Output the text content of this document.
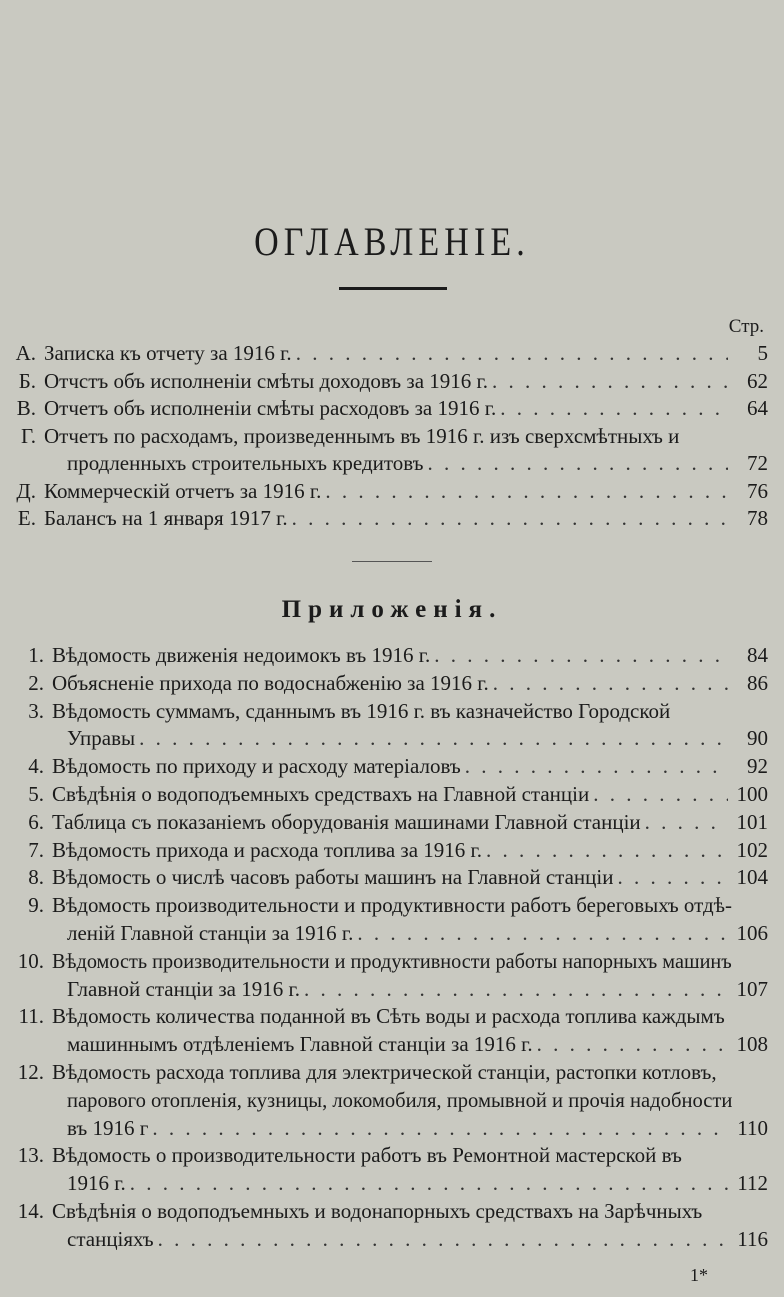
ОГЛАВЛЕНІЕ.
Стр.
А. Записка къ отчету за 1916 г. . . .	5
Б. Отчстъ объ исполненіи смѣты доходовъ за 1916 г. . . .	62
В. Отчетъ объ исполненіи смѣты расходовъ за 1916 г. . . .	64
Г. Отчетъ по расходамъ, произведеннымъ въ 1916 г. изъ сверхсмѣтныхъ и
продленныхъ строительныхъ кредитовъ . . .	72
Д. Коммерческій отчетъ за 1916 г. . . .	76
Е. Балансъ на 1 января 1917 г. . . .	78
Приложенія.
1. Вѣдомость движенія недоимокъ въ 1916 г. . . .	84
2. Объясненіе прихода по водоснабженію за 1916 г. . . .	86
3. Вѣдомость суммамъ, сданнымъ въ 1916 г. въ казначейство Городской
Управы . . .	90
4. Вѣдомость по приходу и расходу матеріаловъ . . .	92
5. Свѣдѣнія о водоподъемныхъ средствахъ на Главной станціи . . .	100
6. Таблица съ показаніемъ оборудованія машинами Главной станціи . . .	101
7. Вѣдомость прихода и расхода топлива за 1916 г. . . .	102
8. Вѣдомость о числѣ часовъ работы машинъ на Главной станціи . . .	104
9. Вѣдомость производительности и продуктивности работъ береговыхъ отдѣ-
леній Главной станціи за 1916 г. . . .	106
10. Вѣдомость производительности и продуктивности работы напорныхъ машинъ
Главной станціи за 1916 г. . . .	107
11. Вѣдомость количества поданной въ Сѣть воды и расхода топлива каждымъ
машиннымъ отдѣленіемъ Главной станціи за 1916 г. . . .	108
12. Вѣдомость расхода топлива для электрической станціи, растопки котловъ,
парового отопленія, кузницы, локомобиля, промывной и прочія надобности
въ 1916 г . . .	110
13. Вѣдомость о производительности работъ въ Ремонтной мастерской въ
1916 г. . . .	112
14. Свѣдѣнія о водоподъемныхъ и водонапорныхъ средствахъ на Зарѣчныхъ
станціяхъ . . .	116
1*
